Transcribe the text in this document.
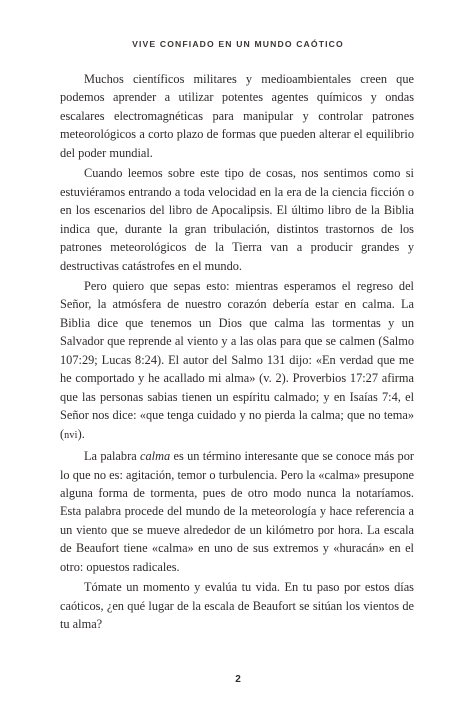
VIVE CONFIADO EN UN MUNDO CAÓTICO

Muchos científicos militares y medioambientales creen que podemos aprender a utilizar potentes agentes químicos y ondas escalares electromagnéticas para manipular y controlar patrones meteorológicos a corto plazo de formas que pueden alterar el equilibrio del poder mundial.

Cuando leemos sobre este tipo de cosas, nos sentimos como si estuviéramos entrando a toda velocidad en la era de la ciencia ficción o en los escenarios del libro de Apocalipsis. El último libro de la Biblia indica que, durante la gran tribulación, distintos trastornos de los patrones meteorológicos de la Tierra van a producir grandes y destructivas catástrofes en el mundo.

Pero quiero que sepas esto: mientras esperamos el regreso del Señor, la atmósfera de nuestro corazón debería estar en calma. La Biblia dice que tenemos un Dios que calma las tormentas y un Salvador que reprende al viento y a las olas para que se calmen (Salmo 107:29; Lucas 8:24). El autor del Salmo 131 dijo: «En verdad que me he comportado y he acallado mi alma» (v. 2). Proverbios 17:27 afirma que las personas sabias tienen un espíritu calmado; y en Isaías 7:4, el Señor nos dice: «que tenga cuidado y no pierda la calma; que no tema» (nvi).

La palabra calma es un término interesante que se conoce más por lo que no es: agitación, temor o turbulencia. Pero la «calma» presupone alguna forma de tormenta, pues de otro modo nunca la notaríamos. Esta palabra procede del mundo de la meteorología y hace referencia a un viento que se mueve alrededor de un kilómetro por hora. La escala de Beaufort tiene «calma» en uno de sus extremos y «huracán» en el otro: opuestos radicales.

Tómate un momento y evalúa tu vida. En tu paso por estos días caóticos, ¿en qué lugar de la escala de Beaufort se sitúan los vientos de tu alma?

2
